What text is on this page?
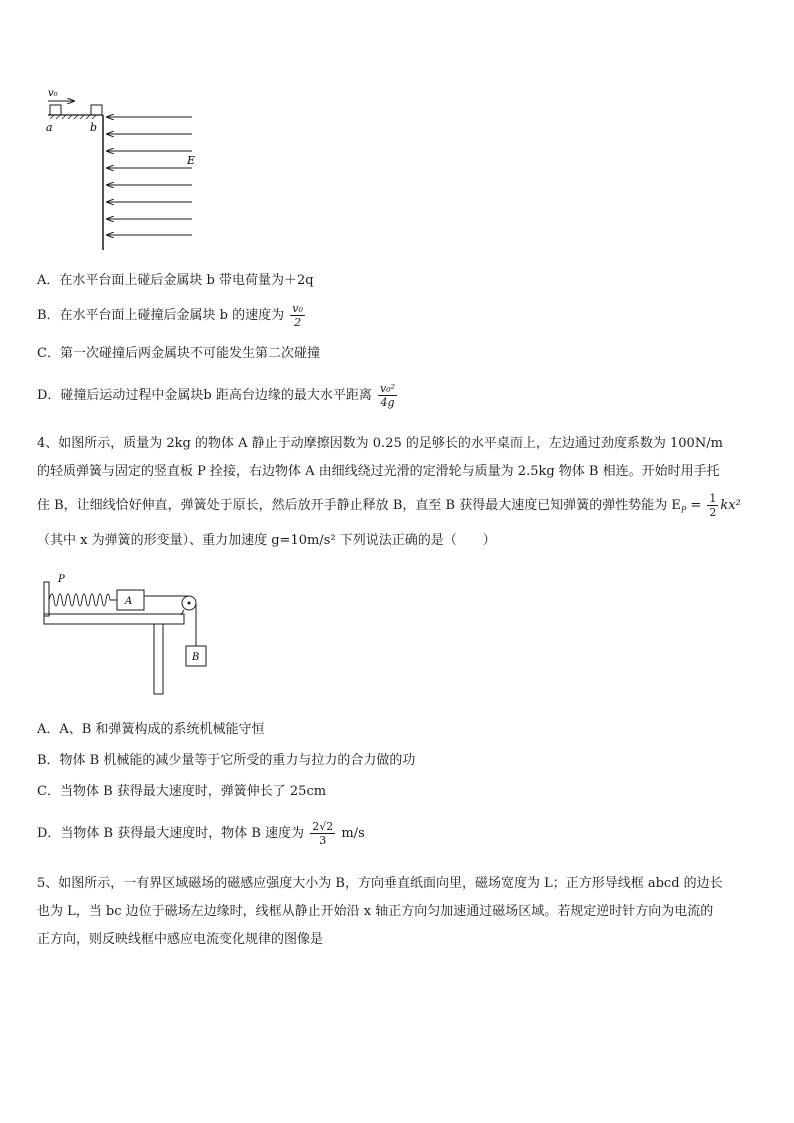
v₀
a	b
E
A．在水平台面上碰后金属块 b 带电荷量为＋2q
B．在水平台面上碰撞后金属块 b 的速度为 $\frac{\text{v₀}}{2}$
C．第一次碰撞后两金属块不可能发生第二次碰撞
D．碰撞后运动过程中金属块b 距高台边缘的最大水平距离 $\frac{\text{v₀²}}{4g}$
4、如图所示，质量为 2kg 的物体 A 静止于动摩擦因数为 0.25 的足够长的水平桌而上，左边通过劲度系数为 100N/m
的轻质弹簧与固定的竖直板 P 拴接，右边物体 A 由细线绕过光滑的定滑轮与质量为 2.5kg 物体 B 相连。开始时用手托
住 B，让细线恰好伸直，弹簧处于原长，然后放开手静止释放 B，直至 B 获得最大速度已知弹簧的弹性势能为 $E_P = \frac{1}{2} kx^2$
（其中 x 为弹簧的形变量）、重力加速度 g=10m/s² 下列说法正确的是（　　）
P
A
B
A．A、B 和弹簧构成的系统机械能守恒
B．物体 B 机械能的减少量等于它所受的重力与拉力的合力做的功
C．当物体 B 获得最大速度时，弹簧伸长了 25cm
D．当物体 B 获得最大速度时，物体 B 速度为 $\frac{2√2}{3} m/s$
5、如图所示，一有界区域磁场的磁感应强度大小为 B，方向垂直纸面向里，磁场宽度为 L；正方形导线框 abcd 的边长
也为 L，当 bc 边位于磁场左边缘时，线框从静止开始沿 x 轴正方向匀加速通过磁场区域。若规定逆时针方向为电流的
正方向，则反映线框中感应电流变化规律的图像是
